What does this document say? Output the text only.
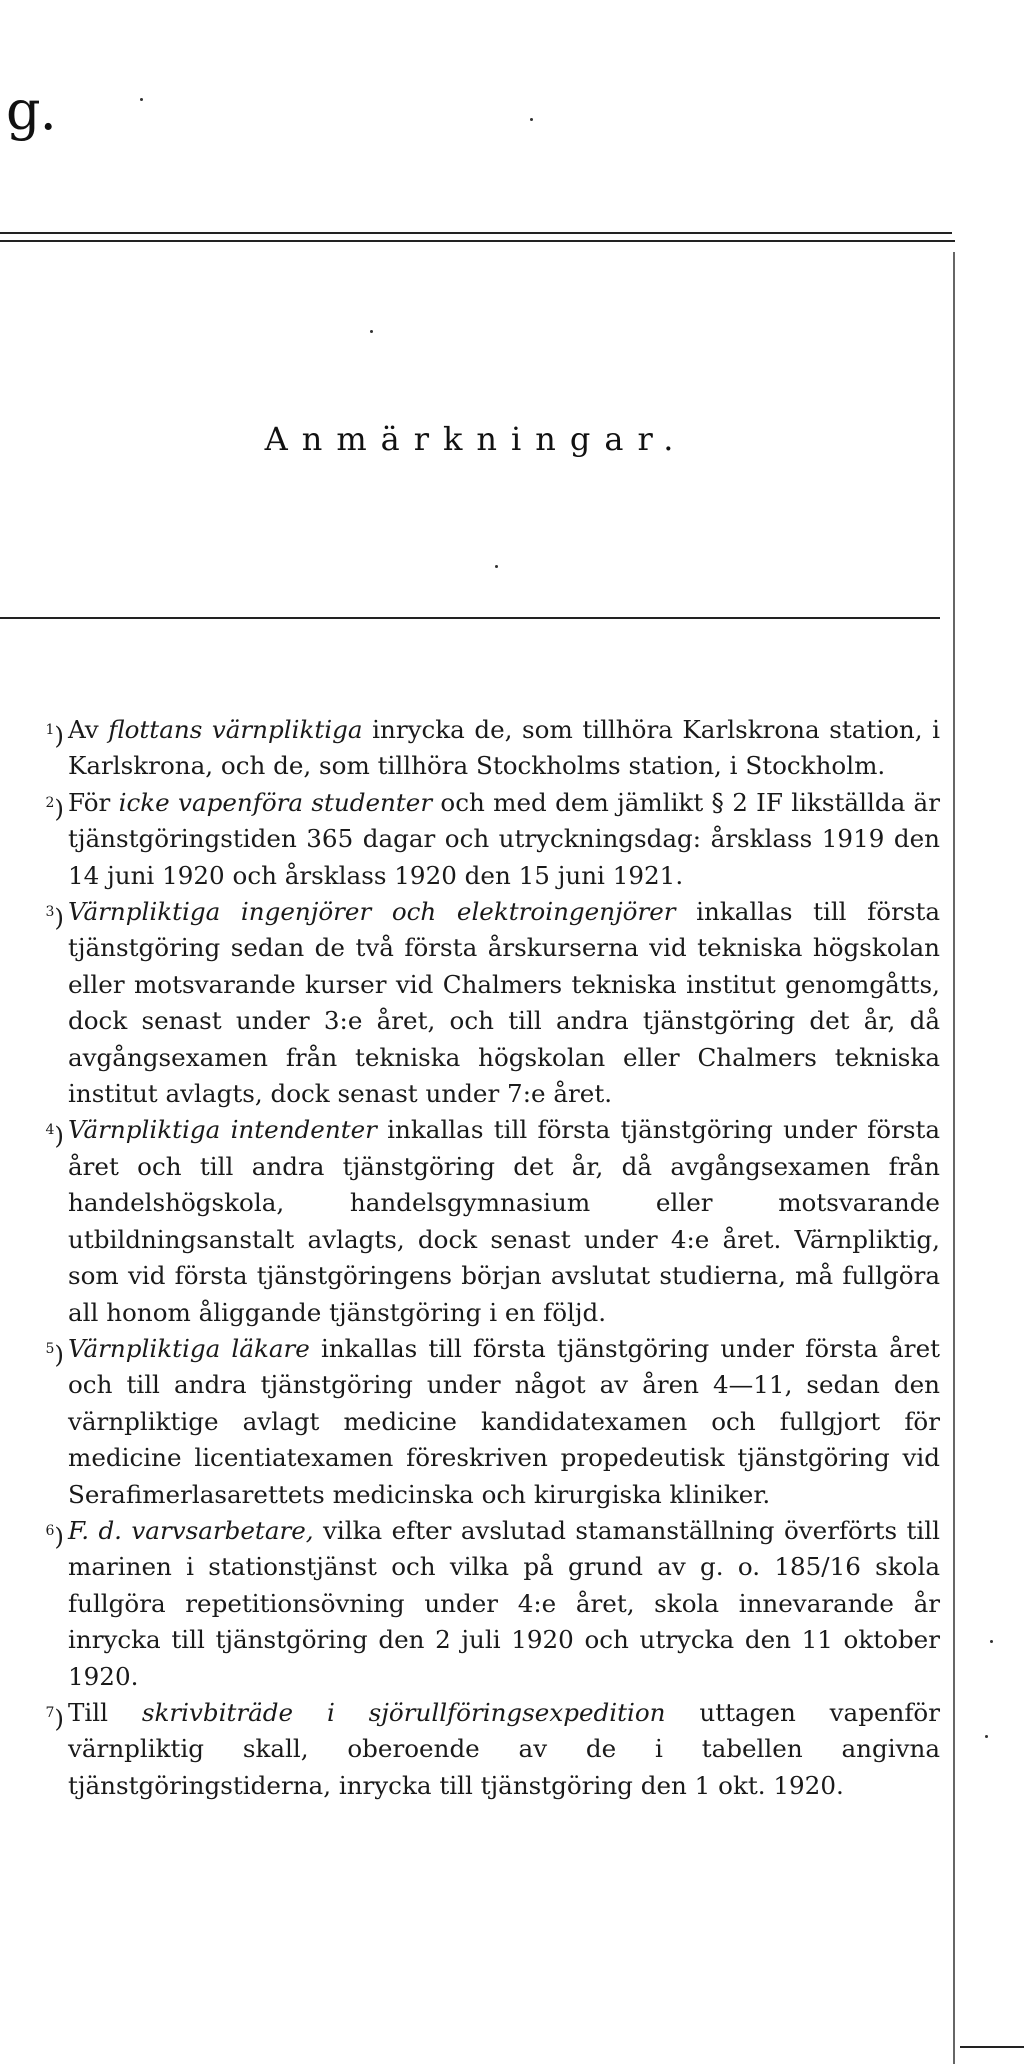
g.
Anmärkningar.

$^1$) Av flottans värnpliktiga inrycka de, som tillhöra Karlskrona station, i Karlskrona, och de, som tillhöra Stockholms station, i Stockholm.

$^2$) För icke vapenföra studenter och med dem jämlikt § 2 IF likställda är tjänstgöringstiden 365 dagar och utryckningsdag: årsklass 1919 den 14 juni 1920 och årsklass 1920 den 15 juni 1921.

$^3$) Värnpliktiga ingenjörer och elektroingenjörer inkallas till första tjänstgöring sedan de två första årskurserna vid tekniska högskolan eller motsvarande kurser vid Chalmers tekniska institut genomgåtts, dock senast under 3:e året, och till andra tjänstgöring det år, då avgångsexamen från tekniska högskolan eller Chalmers tekniska institut avlagts, dock senast under 7:e året.

$^4$) Värnpliktiga intendenter inkallas till första tjänstgöring under första året och till andra tjänstgöring det år, då avgångsexamen från handelshögskola, handelsgymnasium eller motsvarande utbildningsanstalt avlagts, dock senast under 4:e året. Värnpliktig, som vid första tjänstgöringens början avslutat studierna, må fullgöra all honom åliggande tjänstgöring i en följd.

$^5$) Värnpliktiga läkare inkallas till första tjänstgöring under första året och till andra tjänstgöring under något av åren 4—11, sedan den värnpliktige avlagt medicine kandidatexamen och fullgjort för medicine licentiatexamen föreskriven propedeutisk tjänstgöring vid Serafimerlasarettets medicinska och kirurgiska kliniker.

$^6$) F. d. varvsarbetare, vilka efter avslutad stamanställning överförts till marinen i stationstjänst och vilka på grund av g. o. 185/16 skola fullgöra repetitionsövning under 4:e året, skola innevarande år inrycka till tjänstgöring den 2 juli 1920 och utrycka den 11 oktober 1920.

$^7$) Till skrivbiträde i sjörullföringsexpedition uttagen vapenför värnpliktig skall, oberoende av de i tabellen angivna tjänstgöringstiderna, inrycka till tjänstgöring den 1 okt. 1920.
